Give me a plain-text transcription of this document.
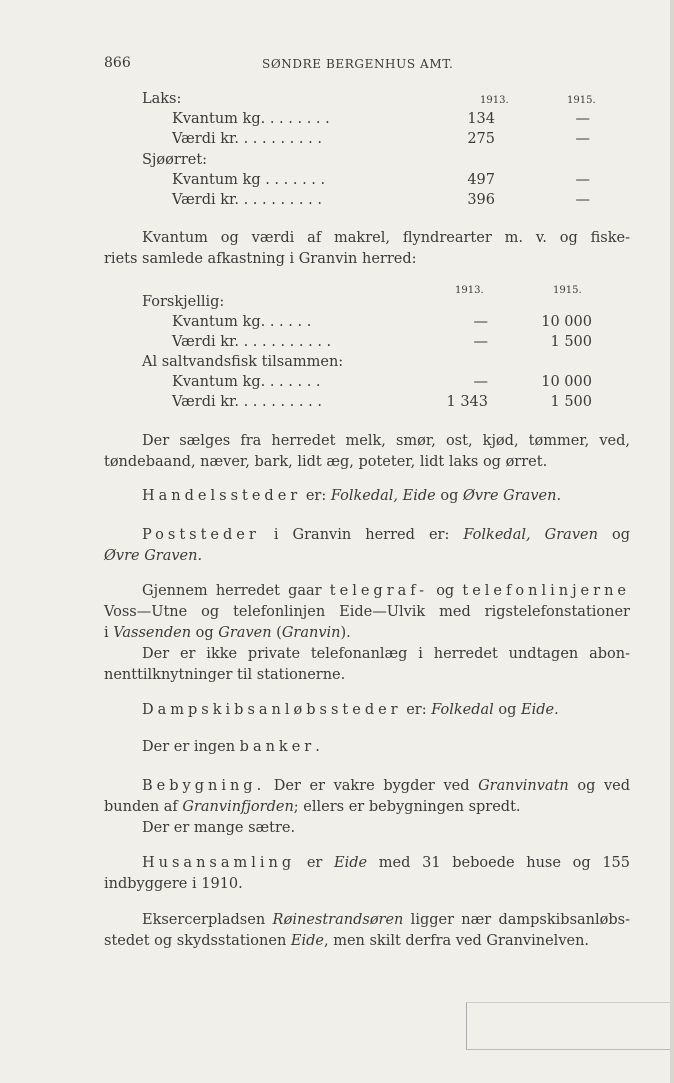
866	SØNDRE BERGENHUS AMT.
1913.	1915.
Laks:
Kvantum kg. . . . . . . .	134	—
Værdi kr. . . . . . . . . .	275	—
Sjøørret:
Kvantum kg . . . . . . .	497	—
Værdi kr. . . . . . . . . .	396	—
Kvantum og værdi af makrel, flyndrearter m. v. og fiske-
riets samlede afkastning i Granvin herred:
1913.	1915.
Forskjellig:
Kvantum kg. . . . . .	—	10 000
Værdi kr. . . . . . . . . . .	—	1 500
Al saltvandsfisk tilsammen:
Kvantum kg. . . . . . .	—	10 000
Værdi kr. . . . . . . . . .	1 343	1 500
Der sælges fra herredet melk, smør, ost, kjød, tømmer, ved,
tøndebaand, næver, bark, lidt æg, poteter, lidt laks og ørret.
Handelssteder er: Folkedal, Eide og Øvre Graven.
Poststeder i Granvin herred er: Folkedal, Graven og
Øvre Graven.
Gjennem herredet gaar telegraf- og telefonlinjerne
Voss—Utne og telefonlinjen Eide—Ulvik med rigstelefonstationer
i Vassenden og Graven (Granvin).
Der er ikke private telefonanlæg i herredet undtagen abon-
nenttilknytninger til stationerne.
Dampskibsanløbssteder er: Folkedal og Eide.
Der er ingen banker.
Bebygning. Der er vakre bygder ved Granvinvatn og ved
bunden af Granvinfjorden; ellers er bebygningen spredt.
Der er mange sætre.
Husansamling er Eide med 31 beboede huse og 155
indbyggere i 1910.
Eksercerpladsen Røinestrandsøren ligger nær dampskibsanløbs-
stedet og skydsstationen Eide, men skilt derfra ved Granvinelven.
